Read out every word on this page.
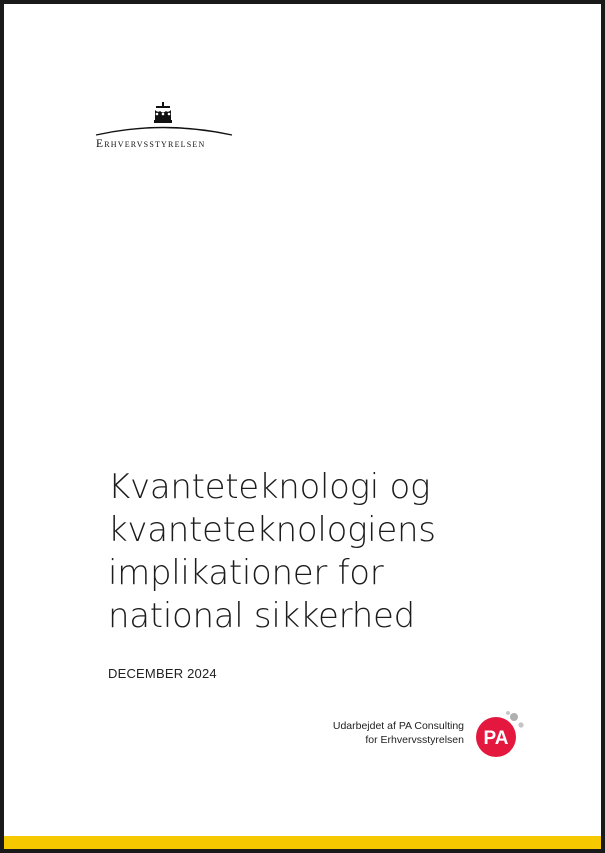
Erhvervsstyrelsen
Kvanteteknologi og
kvanteteknologiens
implikationer for
national sikkerhed
DECEMBER 2024
Udarbejdet af PA Consulting
for Erhvervsstyrelsen PA
